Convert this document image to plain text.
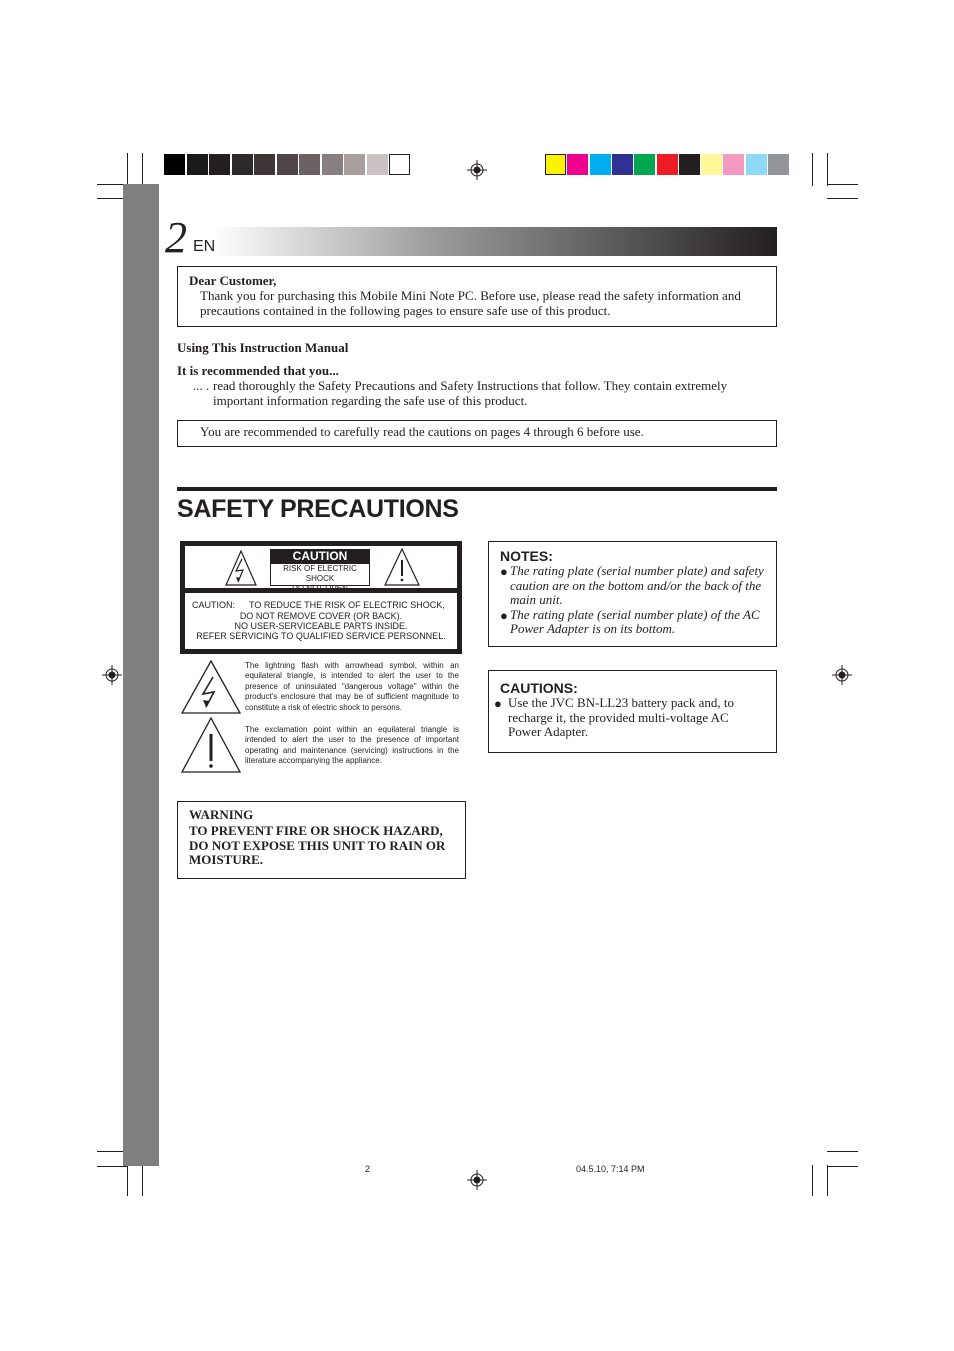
2 EN
Dear Customer,
Thank you for purchasing this Mobile Mini Note PC. Before use, please read the safety information and precautions contained in the following pages to ensure safe use of this product.
Using This Instruction Manual
It is recommended that you...
... . read thoroughly the Safety Precautions and Safety Instructions that follow. They contain extremely important information regarding the safe use of this product.
You are recommended to carefully read the cautions on pages 4 through 6 before use.
SAFETY PRECAUTIONS
CAUTION
RISK OF ELECTRIC SHOCK
DO NOT OPEN
CAUTION: TO REDUCE THE RISK OF ELECTRIC SHOCK,
DO NOT REMOVE COVER (OR BACK).
NO USER-SERVICEABLE PARTS INSIDE.
REFER SERVICING TO QUALIFIED SERVICE PERSONNEL.
The lightning flash with arrowhead symbol, within an equilateral triangle, is intended to alert the user to the presence of uninsulated "dangerous voltage" within the product's enclosure that may be of sufficient magnitude to constitute a risk of electric shock to persons.
The exclamation point within an equilateral triangle is intended to alert the user to the presence of important operating and maintenance (servicing) instructions in the literature accompanying the appliance.
WARNING
TO PREVENT FIRE OR SHOCK HAZARD, DO NOT EXPOSE THIS UNIT TO RAIN OR MOISTURE.
NOTES:
● The rating plate (serial number plate) and safety caution are on the bottom and/or the back of the main unit.
● The rating plate (serial number plate) of the AC Power Adapter is on its bottom.
CAUTIONS:
● Use the JVC BN-LL23 battery pack and, to recharge it, the provided multi-voltage AC Power Adapter.
2	04.5.10, 7:14 PM
